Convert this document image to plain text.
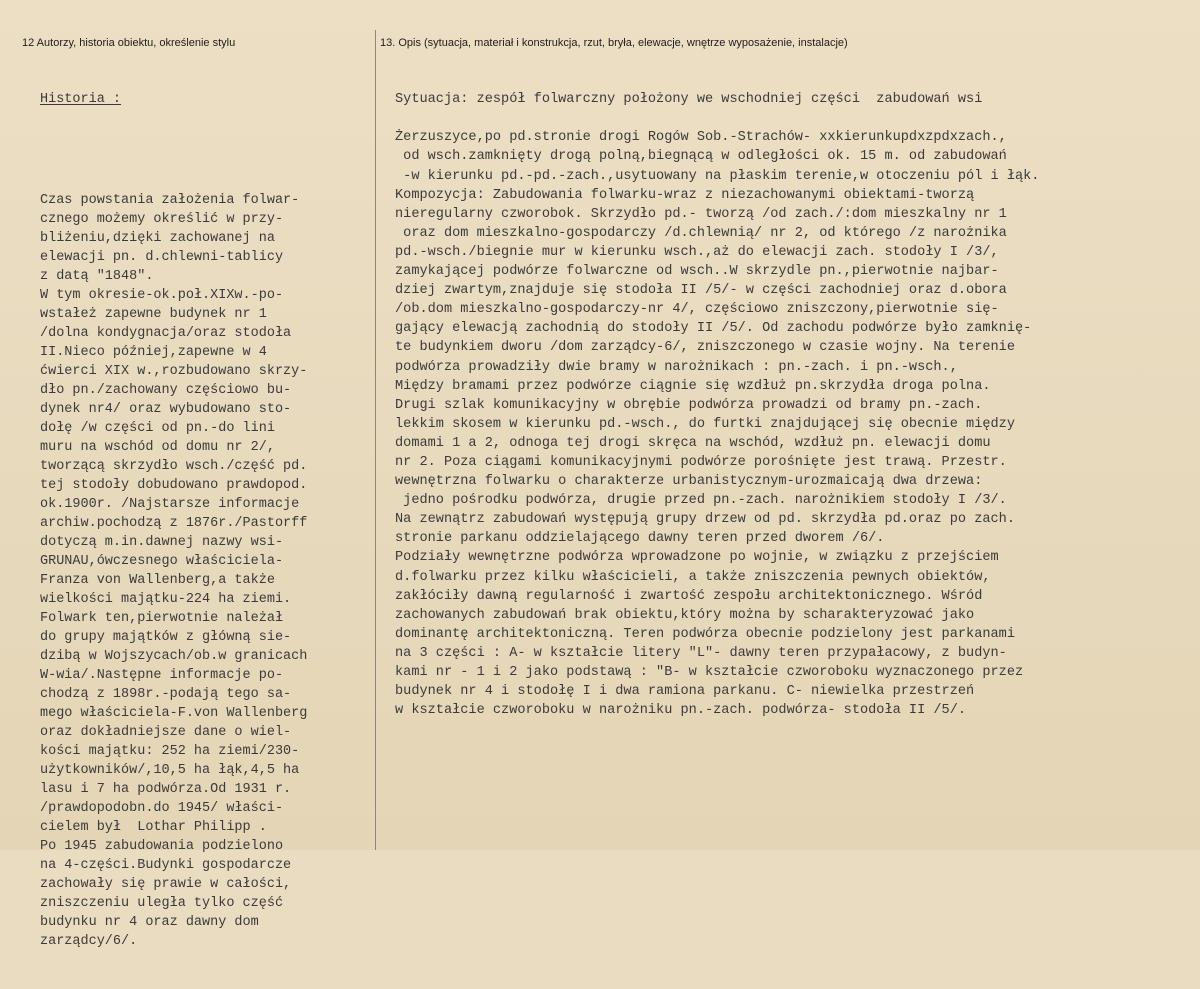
12 Autorzy, historia obiektu, określenie stylu	13. Opis (sytuacja, materiał i konstrukcja, rzut, bryła, elewacje, wnętrze wyposażenie, instalacje)

Historia :

Czas powstania założenia folwar-
cznego możemy określić w przy-
bliżeniu,dzięki zachowanej na
elewacji pn. d.chlewni-tablicy
z datą "1848".
W tym okresie-ok.poł.XIXw.-po-
wstałeż zapewne budynek nr 1
/dolna kondygnacja/oraz stodoła
II.Nieco później,zapewne w 4
ćwierci XIX w.,rozbudowano skrzy-
dło pn./zachowany częściowo bu-
dynek nr4/ oraz wybudowano sto-
dołę /w części od pn.-do lini
muru na wschód od domu nr 2/,
tworzącą skrzydło wsch./część pd.
tej stodoły dobudowano prawdopod.
ok.1900r. /Najstarsze informacje
archiw.pochodzą z 1876r./Pastorff
dotyczą m.in.dawnej nazwy wsi-
GRUNAU,ówczesnego właściciela-
Franza von Wallenberg,a także
wielkości majątku-224 ha ziemi.
Folwark ten,pierwotnie należał
do grupy majątków z główną sie-
dzibą w Wojszycach/ob.w granicach
W-wia/.Następne informacje po-
chodzą z 1898r.-podają tego sa-
mego właściciela-F.von Wallenberg
oraz dokładniejsze dane o wiel-
kości majątku: 252 ha ziemi/230-
użytkowników/,10,5 ha łąk,4,5 ha
lasu i 7 ha podwórza.Od 1931 r.
/prawdopodobn.do 1945/ właści-
cielem był  Lothar Philipp .
Po 1945 zabudowania podzielono
na 4-części.Budynki gospodarcze
zachowały się prawie w całości,
zniszczeniu uległa tylko część
budynku nr 4 oraz dawny dom
zarządcy/6/.

Sytuacja: zespół folwarczny położony we wschodniej części  zabudowań wsi
Żerzuszyce,po pd.stronie drogi Rogów Sob.-Strachów- xxkierunkupdxzpdxzach.,
od wsch.zamknięty drogą polną,biegnącą w odległości ok. 15 m. od zabudowań
-w kierunku pd.-pd.-zach.,usytuowany na płaskim terenie,w otoczeniu pól i łąk.
Kompozycja: Zabudowania folwarku-wraz z niezachowanymi obiektami-tworzą
nieregularny czworobok. Skrzydło pd.- tworzą /od zach./:dom mieszkalny nr 1
oraz dom mieszkalno-gospodarczy /d.chlewnią/ nr 2, od którego /z narożnika
pd.-wsch./biegnie mur w kierunku wsch.,aż do elewacji zach. stodoły I /3/,
zamykającej podwórze folwarczne od wsch..W skrzydle pn.,pierwotnie najbar-
dziej zwartym,znajduje się stodoła II /5/- w części zachodniej oraz d.obora
/ob.dom mieszkalno-gospodarczy-nr 4/, częściowo zniszczony,pierwotnie się-
gający elewacją zachodnią do stodoły II /5/. Od zachodu podwórze było zamknię-
te budynkiem dworu /dom zarządcy-6/, zniszczonego w czasie wojny. Na terenie
podwórza prowadziły dwie bramy w narożnikach : pn.-zach. i pn.-wsch.,
Między bramami przez podwórze ciągnie się wzdłuż pn.skrzydła droga polna.
Drugi szlak komunikacyjny w obrębie podwórza prowadzi od bramy pn.-zach.
lekkim skosem w kierunku pd.-wsch., do furtki znajdującej się obecnie między
domami 1 a 2, odnoga tej drogi skręca na wschód, wzdłuż pn. elewacji domu
nr 2. Poza ciągami komunikacyjnymi podwórze porośnięte jest trawą. Przestr.
wewnętrzna folwarku o charakterze urbanistycznym-urozmaicają dwa drzewa:
jedno pośrodku podwórza, drugie przed pn.-zach. narożnikiem stodoły I /3/.
Na zewnątrz zabudowań występują grupy drzew od pd. skrzydła pd.oraz po zach.
stronie parkanu oddzielającego dawny teren przed dworem /6/.
Podziały wewnętrzne podwórza wprowadzone po wojnie, w związku z przejściem
d.folwarku przez kilku właścicieli, a także zniszczenia pewnych obiektów,
zakłóciły dawną regularność i zwartość zespołu architektonicznego. Wśród
zachowanych zabudowań brak obiektu,który można by scharakteryzować jako
dominantę architektoniczną. Teren podwórza obecnie podzielony jest parkanami
na 3 części : A- w kształcie litery "L"- dawny teren przypałacowy, z budyn-
kami nr - 1 i 2 jako podstawą : "B- w kształcie czworoboku wyznaczonego przez
budynek nr 4 i stodołę I i dwa ramiona parkanu. C- niewielka przestrzeń
w kształcie czworoboku w narożniku pn.-zach. podwórza- stodoła II /5/.
